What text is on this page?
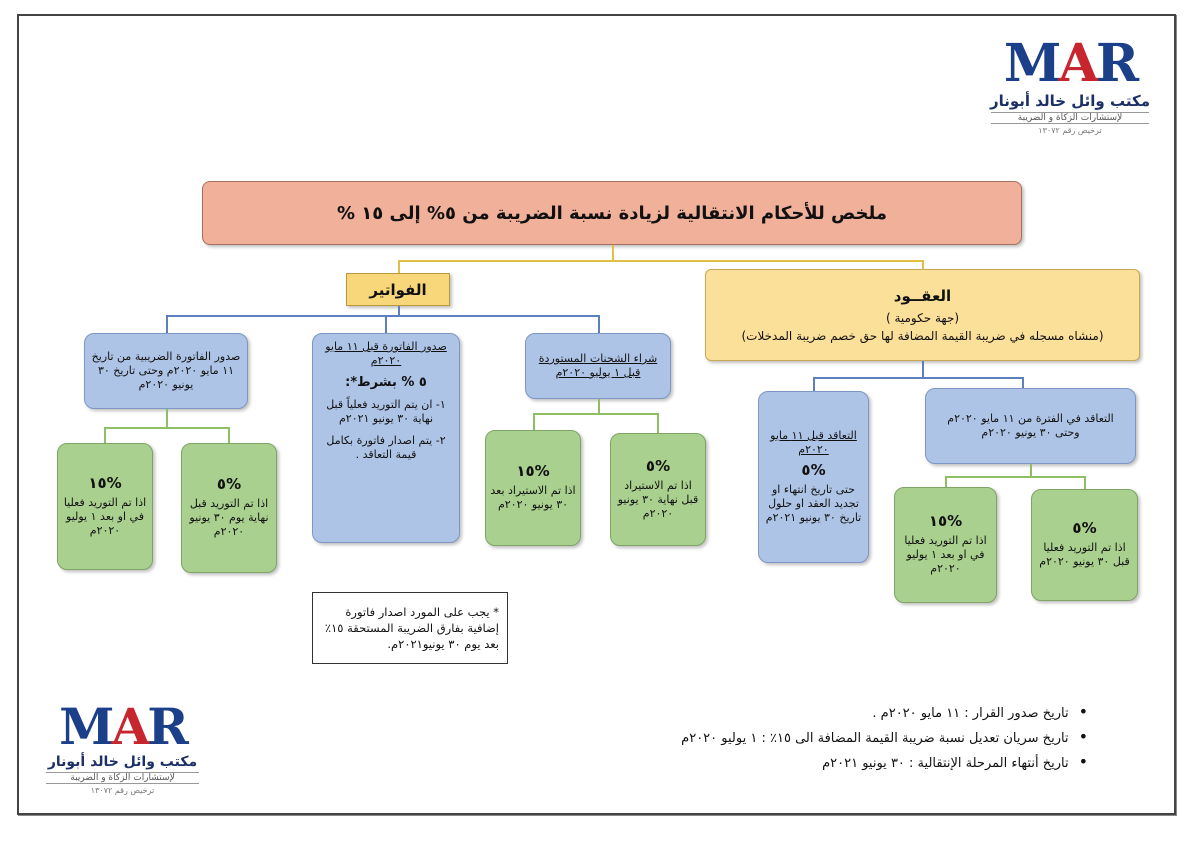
MAR
مكتب وائل خالد أبونار
لإستشارات الزكاة و الضريبة
ترخيص رقم ١٣٠٧٢
MAR
مكتب وائل خالد أبونار
لإستشارات الزكاة و الضريبة
ترخيص رقم ١٣٠٧٢
ملخص للأحكام الانتقالية لزيادة نسبة الضريبة من ٥% إلى ١٥ %
الفواتير	العقــود
(جهة حكومية )
(منشاه مسجله في ضريبة القيمة المضافة لها حق خصم ضريبة المدخلات)
صدور الفاتورة الضريبية من تاريخ ١١ مايو ٢٠٢٠م وحتى تاريخ ٣٠ يونيو ٢٠٢٠م
صدور الفاتورة قبل ١١ مايو ٢٠٢٠م
٥ % بشرط*:
١- ان يتم التوريد فعلياً قبل نهاية ٣٠ يونيو ٢٠٢١م
٢- يتم اصدار فاتورة بكامل قيمة التعاقد .
شراء الشحنات المستوردة قبل ١ يوليو ٢٠٢٠م
%١٥
اذا تم الاستيراد بعد ٣٠ يونيو ٢٠٢٠م
%٥
اذا تم الاستيراد قبل نهاية ٣٠ يونيو ٢٠٢٠م
%١٥
اذا تم التوريد فعليا في او بعد ١ يوليو ٢٠٢٠م
%٥
اذا تم التوريد قبل نهاية يوم ٣٠ يونيو ٢٠٢٠م
* يجب على المورد اصدار فاتورة إضافية بفارق الضريبة المستحقة ١٥٪ بعد يوم ٣٠ يونيو٢٠٢١م.
التعاقد قبل ١١ مايو ٢٠٢٠م
%٥
حتى تاريخ انتهاء او تجديد العقد او حلول تاريخ ٣٠ يونيو ٢٠٢١م
التعاقد في الفترة من ١١ مايو ٢٠٢٠م وحتى ٣٠ يونيو ٢٠٢٠م
%١٥
اذا تم التوريد فعليا في او بعد ١ يوليو ٢٠٢٠م
%٥
اذا تم التوريد فعليا قبل ٣٠ يونيو ٢٠٢٠م
• تاريخ صدور القرار : ١١ مايو ٢٠٢٠م .
• تاريخ سريان تعديل نسبة ضريبة القيمة المضافة الى ١٥٪ : ١ يوليو ٢٠٢٠م
• تاريخ أنتهاء المرحلة الإنتقالية : ٣٠ يونيو ٢٠٢١م
